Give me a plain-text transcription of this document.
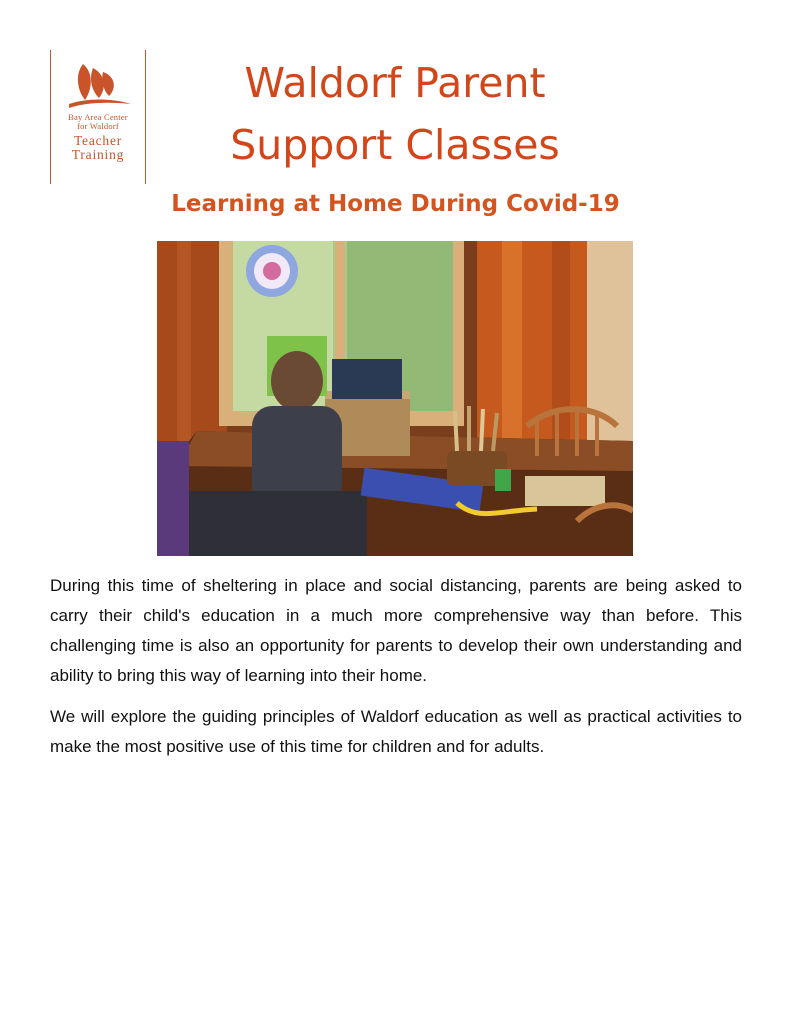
Bay Area Center
for Waldorf
Teacher
Training
Waldorf Parent
Support Classes
Learning at Home During Covid-19
During this time of sheltering in place and social distancing, parents are being asked to carry their child's education in a much more comprehensive way than before. This challenging time is also an opportunity for parents to develop their own understanding and ability to bring this way of learning into their home.
We will explore the guiding principles of Waldorf education as well as practical activities to make the most positive use of this time for children and for adults.
